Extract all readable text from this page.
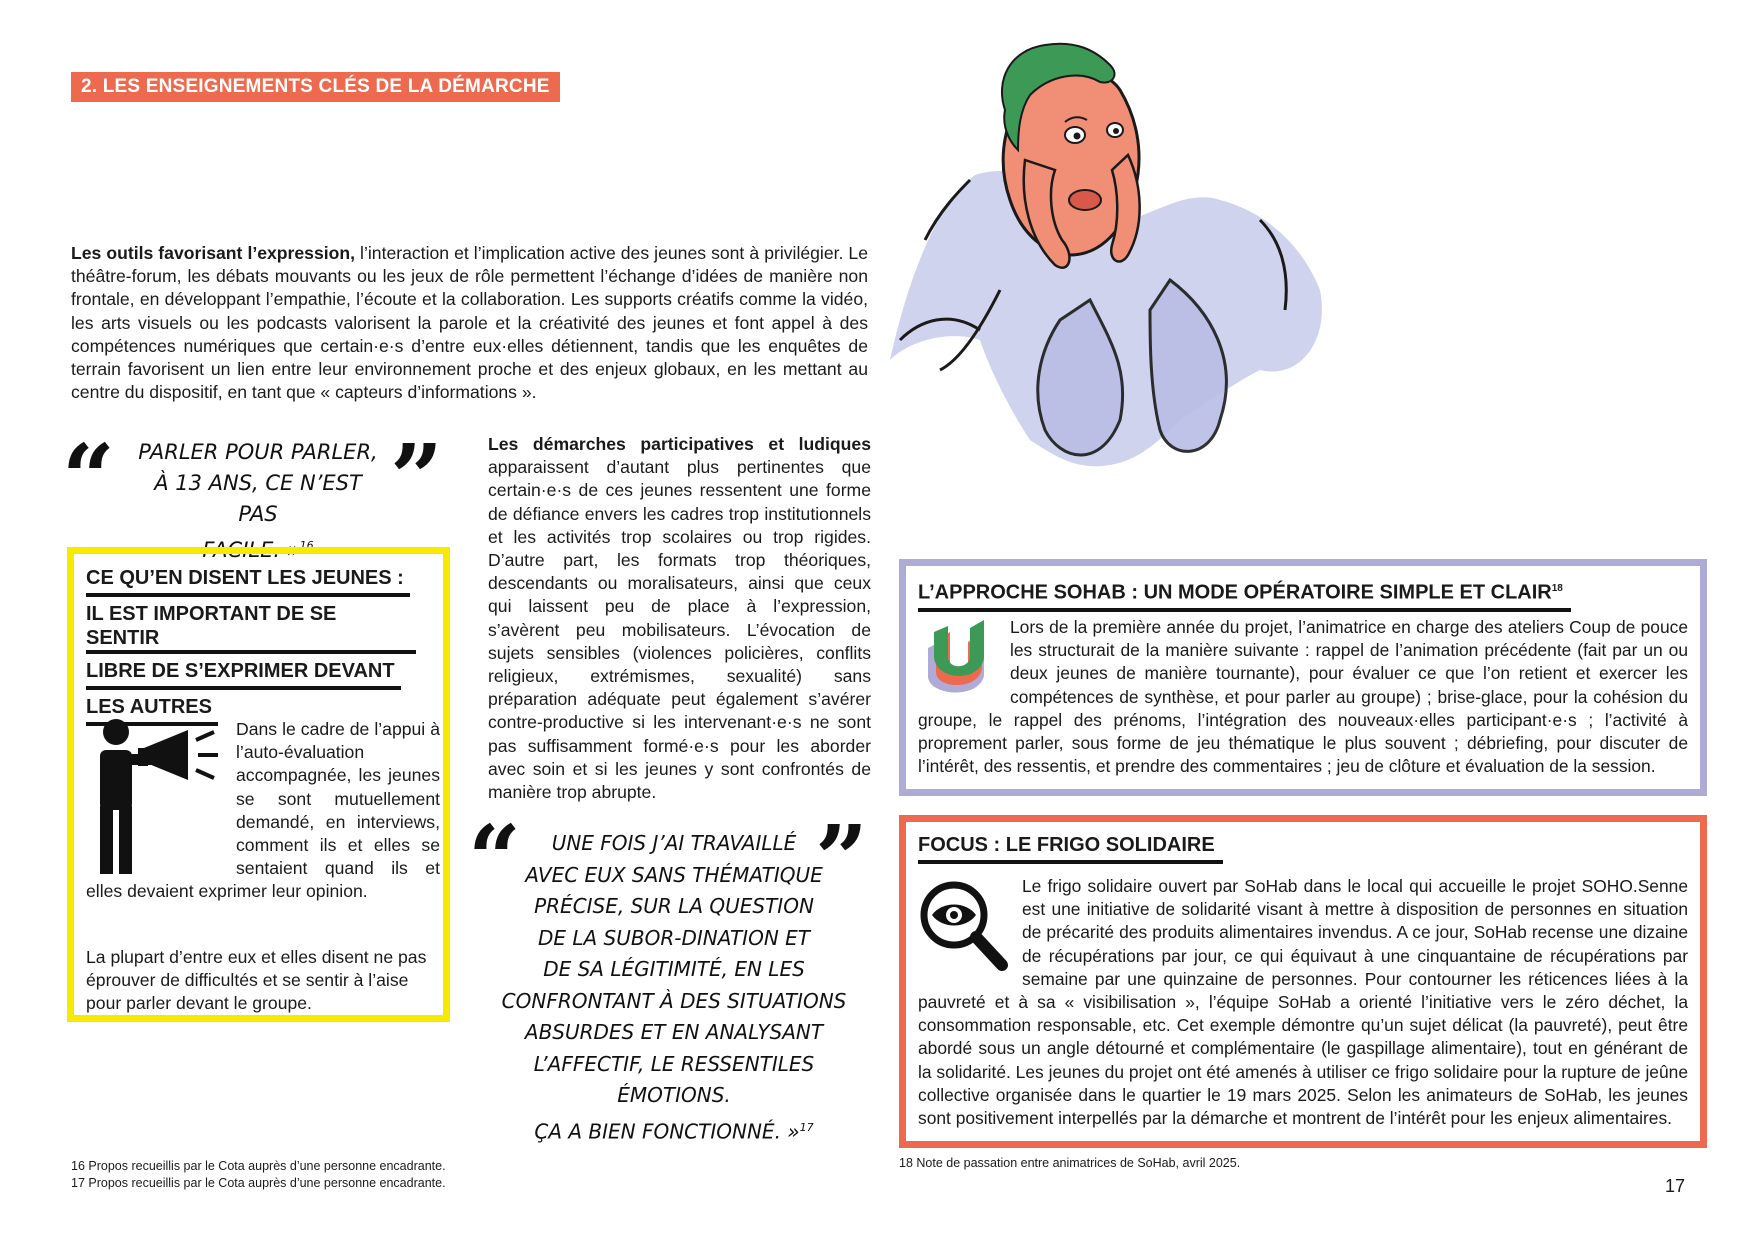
2. LES ENSEIGNEMENTS CLÉS DE LA DÉMARCHE

Les outils favorisant l’expression, l’interaction et l’implication active des jeunes sont à privilégier. Le théâtre-forum, les débats mouvants ou les jeux de rôle permettent l’échange d’idées de manière non frontale, en développant l’empathie, l’écoute et la collaboration. Les supports créatifs comme la vidéo, les arts visuels ou les podcasts valorisent la parole et la créativité des jeunes et font appel à des compétences numériques que certain·e·s d’entre eux·elles détiennent, tandis que les enquêtes de terrain favorisent un lien entre leur environnement proche et des enjeux globaux, en les mettant au centre du dispositif, en tant que « capteurs d’informations ».

“ PARLER POUR PARLER,
À 13 ANS, CE N’EST PAS
FACILE. »$^{16}$
”
CE QU’EN DISENT LES JEUNES :
IL EST IMPORTANT DE SE SENTIR
LIBRE DE S’EXPRIMER DEVANT
LES AUTRES

Dans le cadre de l’appui à l’auto-évaluation accompagnée, les jeunes se sont mutuellement demandé, en interviews, comment ils et elles se sentaient quand ils et elles devaient exprimer leur opinion.

La plupart d’entre eux et elles disent ne pas éprouver de difficultés et se sentir à l’aise pour parler devant le groupe.

Les démarches participatives et ludiques apparaissent d’autant plus pertinentes que certain·e·s de ces jeunes ressentent une forme de défiance envers les cadres trop institutionnels et les activités trop scolaires ou trop rigides. D’autre part, les formats trop théoriques, descendants ou moralisateurs, ainsi que ceux qui laissent peu de place à l’expression, s’avèrent peu mobilisateurs. L’évocation de sujets sensibles (violences policières, conflits religieux, extrémismes, sexualité) sans préparation adéquate peut également s’avérer contre-productive si les intervenant·e·s ne sont pas suffisamment formé·e·s pour les aborder avec soin et si les jeunes y sont confrontés de manière trop abrupte.

“	”
UNE FOIS J’AI TRAVAILLÉ
AVEC EUX SANS THÉMATIQUE
PRÉCISE, SUR LA QUESTION
DE LA SUBOR-DINATION ET
DE SA LÉGITIMITÉ, EN LES
CONFRONTANT À DES SITUATIONS
ABSURDES ET EN ANALYSANT
L’AFFECTIF, LE RESSENTILES
ÉMOTIONS.
ÇA A BIEN FONCTIONNÉ. »$^{17}$
L’APPROCHE SOHAB : UN MODE OPÉRATOIRE SIMPLE ET CLAIR$^{18}$

Lors de la première année du projet, l’animatrice en charge des ateliers Coup de pouce les structurait de la manière suivante : rappel de l’animation précédente (fait par un ou deux jeunes de manière tournante), pour évaluer ce que l’on retient et exercer les compétences de synthèse, et pour parler au groupe) ; brise-glace, pour la cohésion du groupe, le rappel des prénoms, l’intégration des nouveaux·elles participant·e·s ; l’activité à proprement parler, sous forme de jeu thématique le plus souvent ; débriefing, pour discuter de l’intérêt, des ressentis, et prendre des commentaires ; jeu de clôture et évaluation de la session.

FOCUS : LE FRIGO SOLIDAIRE

Le frigo solidaire ouvert par SoHab dans le local qui accueille le projet SOHO.Senne est une initiative de solidarité visant à mettre à disposition de personnes en situation de précarité des produits alimentaires invendus. A ce jour, SoHab recense une dizaine de récupérations par jour, ce qui équivaut à une cinquantaine de récupérations par semaine par une quinzaine de personnes. Pour contourner les réticences liées à la pauvreté et à sa « visibilisation », l’équipe SoHab a orienté l’initiative vers le zéro déchet, la consommation responsable, etc. Cet exemple démontre qu’un sujet délicat (la pauvreté), peut être abordé sous un angle détourné et complémentaire (le gaspillage alimentaire), tout en générant de la solidarité. Les jeunes du projet ont été amenés à utiliser ce frigo solidaire pour la rupture de jeûne collective organisée dans le quartier le 19 mars 2025. Selon les animateurs de SoHab, les jeunes sont positivement interpellés par la démarche et montrent de l’intérêt pour les enjeux alimentaires.

16 Propos recueillis par le Cota auprès d’une personne encadrante.
17 Propos recueillis par le Cota auprès d’une personne encadrante.
18 Note de passation entre animatrices de SoHab, avril 2025.
17
